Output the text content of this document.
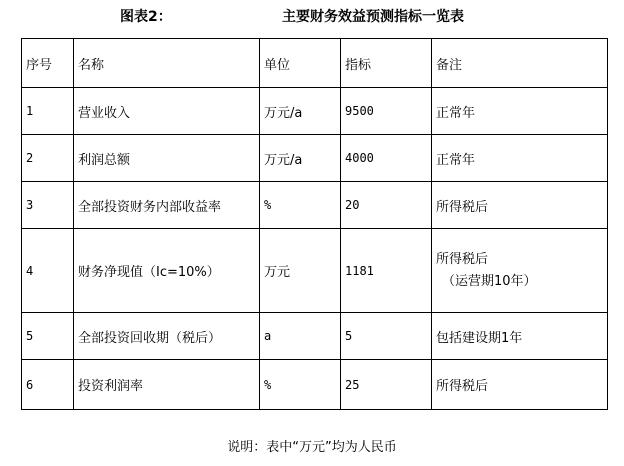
图表2：	主要财务效益预测指标一览表
序号	名称	单位	指标	备注
1	营业收入	万元/a	9500	正常年
2	利润总额	万元/a	4000	正常年
3	全部投资财务内部收益率	%	20	所得税后
4	财务净现值（Ic=10%）	万元	1181	所得税后
（运营期10年）

5	全部投资回收期（税后）	a	5	包括建设期1年
6	投资利润率	%	25	所得税后
说明：表中“万元”均为人民币
